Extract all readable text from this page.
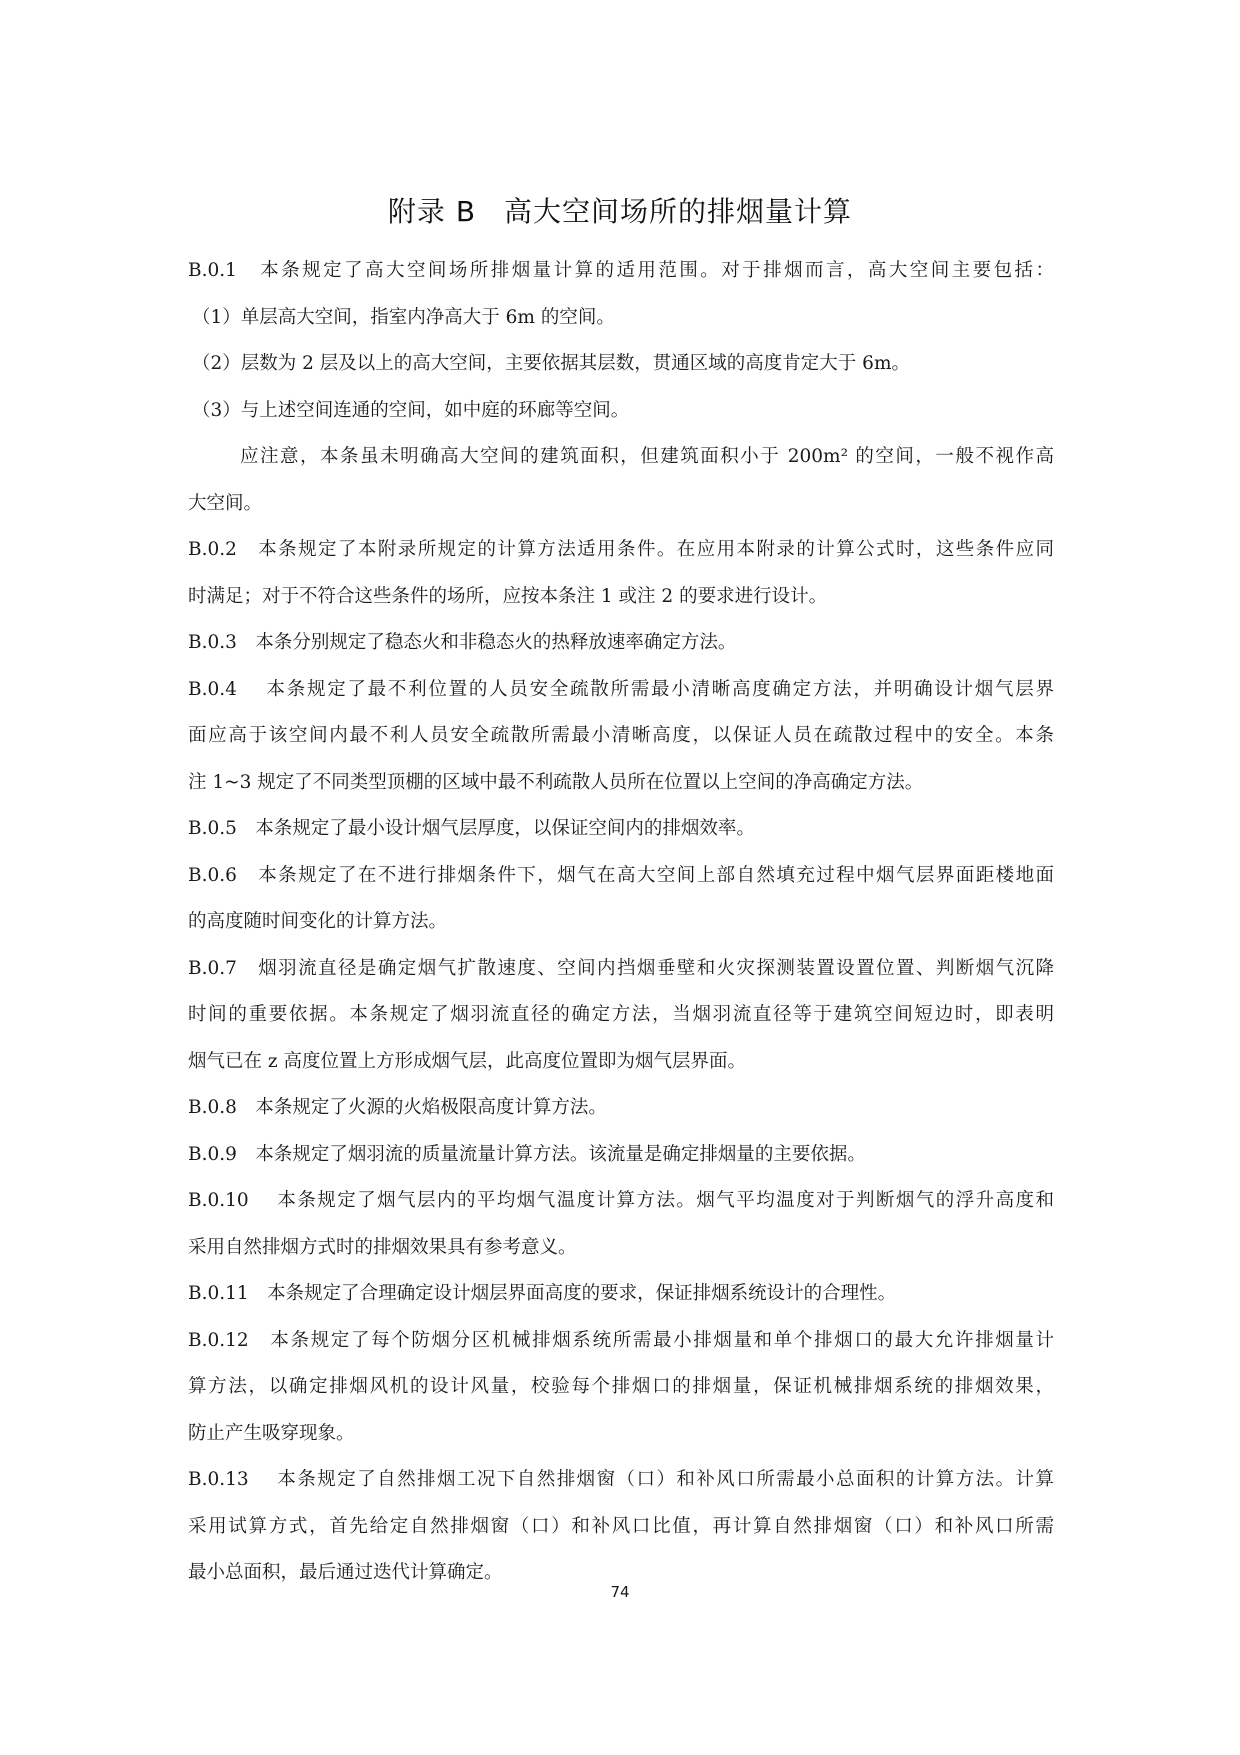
附录 B 高大空间场所的排烟量计算
B.0.1　本条规定了高大空间场所排烟量计算的适用范围。对于排烟而言，高大空间主要包括：
（1）单层高大空间，指室内净高大于 6m 的空间。
（2）层数为 2 层及以上的高大空间，主要依据其层数，贯通区域的高度肯定大于 6m。
（3）与上述空间连通的空间，如中庭的环廊等空间。
应注意，本条虽未明确高大空间的建筑面积，但建筑面积小于 200m² 的空间，一般不视作高
大空间。
B.0.2　本条规定了本附录所规定的计算方法适用条件。在应用本附录的计算公式时，这些条件应同
时满足；对于不符合这些条件的场所，应按本条注 1 或注 2 的要求进行设计。
B.0.3　本条分别规定了稳态火和非稳态火的热释放速率确定方法。
B.0.4　 本条规定了最不利位置的人员安全疏散所需最小清晰高度确定方法，并明确设计烟气层界
面应高于该空间内最不利人员安全疏散所需最小清晰高度，以保证人员在疏散过程中的安全。本条
注 1~3 规定了不同类型顶棚的区域中最不利疏散人员所在位置以上空间的净高确定方法。
B.0.5　本条规定了最小设计烟气层厚度，以保证空间内的排烟效率。
B.0.6　本条规定了在不进行排烟条件下，烟气在高大空间上部自然填充过程中烟气层界面距楼地面
的高度随时间变化的计算方法。
B.0.7　烟羽流直径是确定烟气扩散速度、空间内挡烟垂壁和火灾探测装置设置位置、判断烟气沉降
时间的重要依据。本条规定了烟羽流直径的确定方法，当烟羽流直径等于建筑空间短边时，即表明
烟气已在 z 高度位置上方形成烟气层，此高度位置即为烟气层界面。
B.0.8　本条规定了火源的火焰极限高度计算方法。
B.0.9　本条规定了烟羽流的质量流量计算方法。该流量是确定排烟量的主要依据。
B.0.10　 本条规定了烟气层内的平均烟气温度计算方法。烟气平均温度对于判断烟气的浮升高度和
采用自然排烟方式时的排烟效果具有参考意义。
B.0.11　本条规定了合理确定设计烟层界面高度的要求，保证排烟系统设计的合理性。
B.0.12　本条规定了每个防烟分区机械排烟系统所需最小排烟量和单个排烟口的最大允许排烟量计
算方法，以确定排烟风机的设计风量，校验每个排烟口的排烟量，保证机械排烟系统的排烟效果，
防止产生吸穿现象。
B.0.13　 本条规定了自然排烟工况下自然排烟窗（口）和补风口所需最小总面积的计算方法。计算
采用试算方式，首先给定自然排烟窗（口）和补风口比值，再计算自然排烟窗（口）和补风口所需
最小总面积，最后通过迭代计算确定。
74
